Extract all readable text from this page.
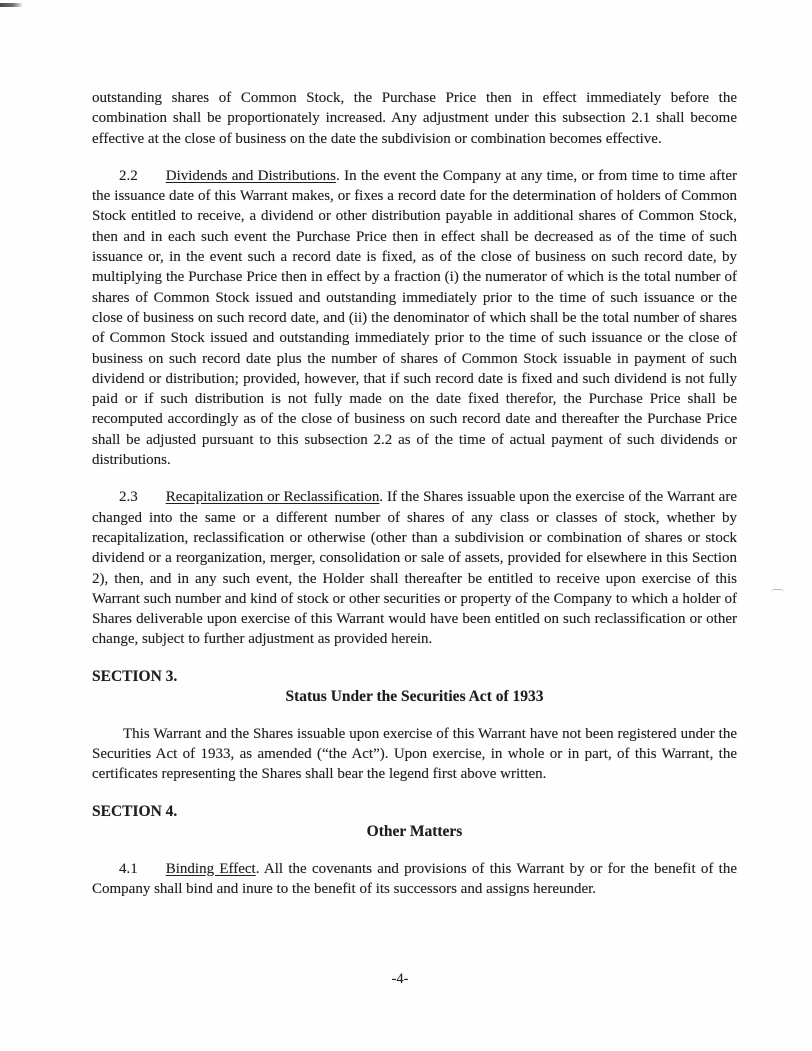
outstanding shares of Common Stock, the Purchase Price then in effect immediately before the combination shall be proportionately increased. Any adjustment under this subsection 2.1 shall become effective at the close of business on the date the subdivision or combination becomes effective.

2.2 Dividends and Distributions. In the event the Company at any time, or from time to time after the issuance date of this Warrant makes, or fixes a record date for the determination of holders of Common Stock entitled to receive, a dividend or other distribution payable in additional shares of Common Stock, then and in each such event the Purchase Price then in effect shall be decreased as of the time of such issuance or, in the event such a record date is fixed, as of the close of business on such record date, by multiplying the Purchase Price then in effect by a fraction (i) the numerator of which is the total number of shares of Common Stock issued and outstanding immediately prior to the time of such issuance or the close of business on such record date, and (ii) the denominator of which shall be the total number of shares of Common Stock issued and outstanding immediately prior to the time of such issuance or the close of business on such record date plus the number of shares of Common Stock issuable in payment of such dividend or distribution; provided, however, that if such record date is fixed and such dividend is not fully paid or if such distribution is not fully made on the date fixed therefor, the Purchase Price shall be recomputed accordingly as of the close of business on such record date and thereafter the Purchase Price shall be adjusted pursuant to this subsection 2.2 as of the time of actual payment of such dividends or distributions.

2.3 Recapitalization or Reclassification. If the Shares issuable upon the exercise of the Warrant are changed into the same or a different number of shares of any class or classes of stock, whether by recapitalization, reclassification or otherwise (other than a subdivision or combination of shares or stock dividend or a reorganization, merger, consolidation or sale of assets, provided for elsewhere in this Section 2), then, and in any such event, the Holder shall thereafter be entitled to receive upon exercise of this Warrant such number and kind of stock or other securities or property of the Company to which a holder of Shares deliverable upon exercise of this Warrant would have been entitled on such reclassification or other change, subject to further adjustment as provided herein.

SECTION 3.
Status Under the Securities Act of 1933

This Warrant and the Shares issuable upon exercise of this Warrant have not been registered under the Securities Act of 1933, as amended (“the Act”). Upon exercise, in whole or in part, of this Warrant, the certificates representing the Shares shall bear the legend first above written.

SECTION 4.
Other Matters

4.1 Binding Effect. All the covenants and provisions of this Warrant by or for the benefit of the Company shall bind and inure to the benefit of its successors and assigns hereunder.

-4-
